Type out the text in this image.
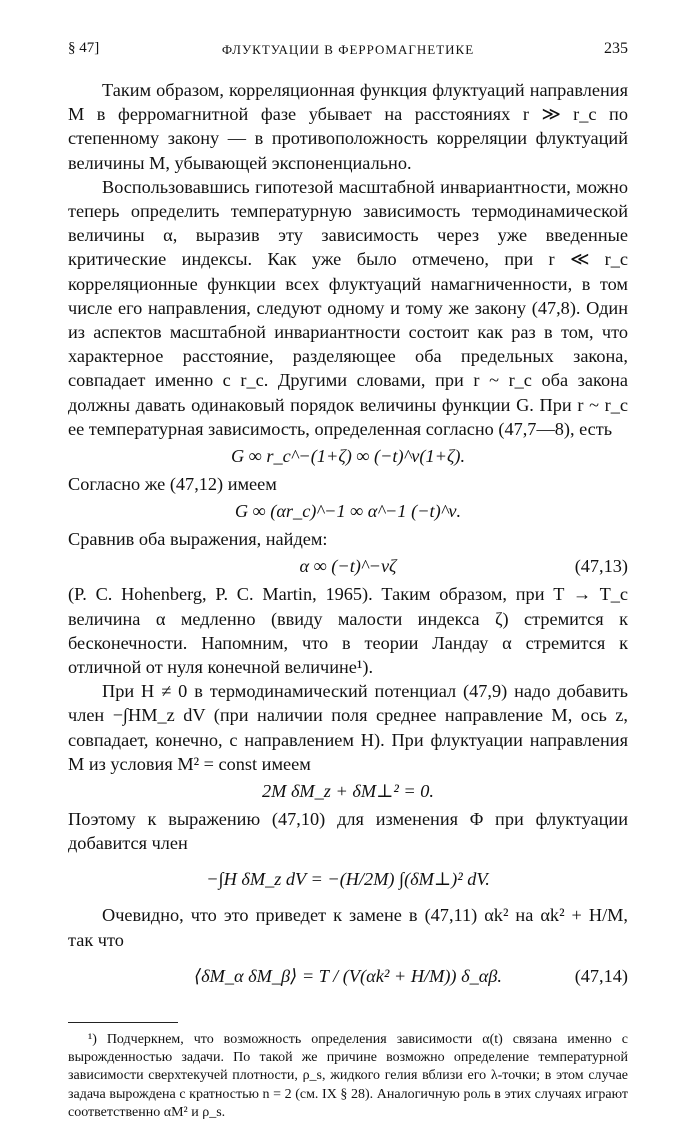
§ 47]	ФЛУКТУАЦИИ В ФЕРРОМАГНЕТИКЕ	235

Таким образом, корреляционная функция флуктуаций направления M в ферромагнитной фазе убывает на расстояниях r ≫ r_c по степенному закону — в противоположность корреляции флуктуаций величины M, убывающей экспоненциально.

Воспользовавшись гипотезой масштабной инвариантности, можно теперь определить температурную зависимость термодинамической величины α, выразив эту зависимость через уже введенные критические индексы. Как уже было отмечено, при r ≪ r_c корреляционные функции всех флуктуаций намагниченности, в том числе его направления, следуют одному и тому же закону (47,8). Один из аспектов масштабной инвариантности состоит как раз в том, что характерное расстояние, разделяющее оба предельных закона, совпадает именно с r_c. Другими словами, при r ~ r_c оба закона должны давать одинаковый порядок величины функции G. При r ~ r_c ее температурная зависимость, определенная согласно (47,7—8), есть

G ∞ r_c^−(1+ζ) ∞ (−t)^ν(1+ζ).

Согласно же (47,12) имеем

G ∞ (αr_c)^−1 ∞ α^−1 (−t)^ν.

Сравнив оба выражения, найдем:

α ∞ (−t)^−νζ	(47,13)

(P. C. Hohenberg, P. C. Martin, 1965). Таким образом, при T → T_c величина α медленно (ввиду малости индекса ζ) стремится к бесконечности. Напомним, что в теории Ландау α стремится к отличной от нуля конечной величине¹).

При H ≠ 0 в термодинамический потенциал (47,9) надо добавить член −∫HM_z dV (при наличии поля среднее направление M, ось z, совпадает, конечно, с направлением H). При флуктуации направления M из условия M² = const имеем

2M δM_z + δM⊥² = 0.

Поэтому к выражению (47,10) для изменения Φ при флуктуации добавится член

−∫H δM_z dV = −(H/2M) ∫(δM⊥)² dV.

Очевидно, что это приведет к замене в (47,11) αk² на αk² + H/M, так что

⟨δM_α δM_β⟩ = T / (V(αk² + H/M)) δ_αβ.	(47,14)

¹) Подчеркнем, что возможность определения зависимости α(t) связана именно с вырожденностью задачи. По такой же причине возможно определение температурной зависимости сверхтекучей плотности, ρ_s, жидкого гелия вблизи его λ-точки; в этом случае задача вырождена с кратностью n = 2 (см. IX § 28). Аналогичную роль в этих случаях играют соответственно αM² и ρ_s.
